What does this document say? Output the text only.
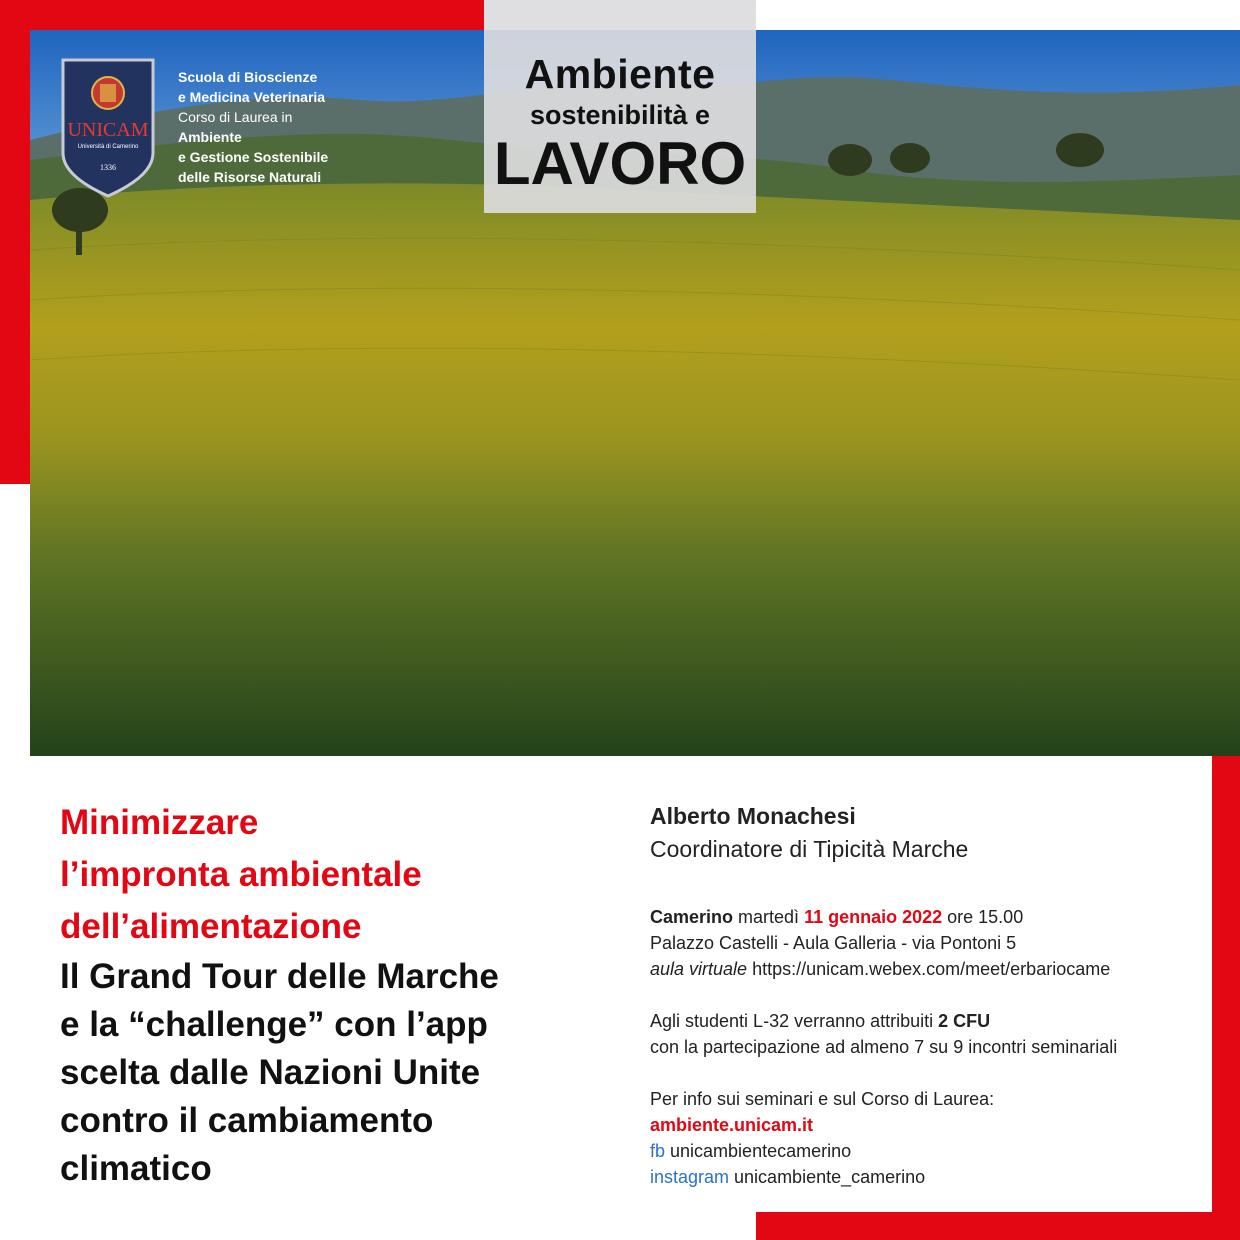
UNICAM
Università di Camerino
1336
Scuola di Bioscienze
e Medicina Veterinaria
Corso di Laurea in
Ambiente
e Gestione Sostenibile
delle Risorse Naturali
Ambiente
sostenibilità e
LAVORO
Minimizzare
l’impronta ambientale
dell’alimentazione
Il Grand Tour delle Marche
e la “challenge” con l’app
scelta dalle Nazioni Unite
contro il cambiamento
climatico
Alberto Monachesi
Coordinatore di Tipicità Marche
Camerino martedì 11 gennaio 2022 ore 15.00
Palazzo Castelli - Aula Galleria - via Pontoni 5
aula virtuale https://unicam.webex.com/meet/erbariocame
Agli studenti L-32 verranno attribuiti 2 CFU
con la partecipazione ad almeno 7 su 9 incontri seminariali
Per info sui seminari e sul Corso di Laurea:
ambiente.unicam.it
fb unicambientecamerino
instagram unicambiente_camerino
